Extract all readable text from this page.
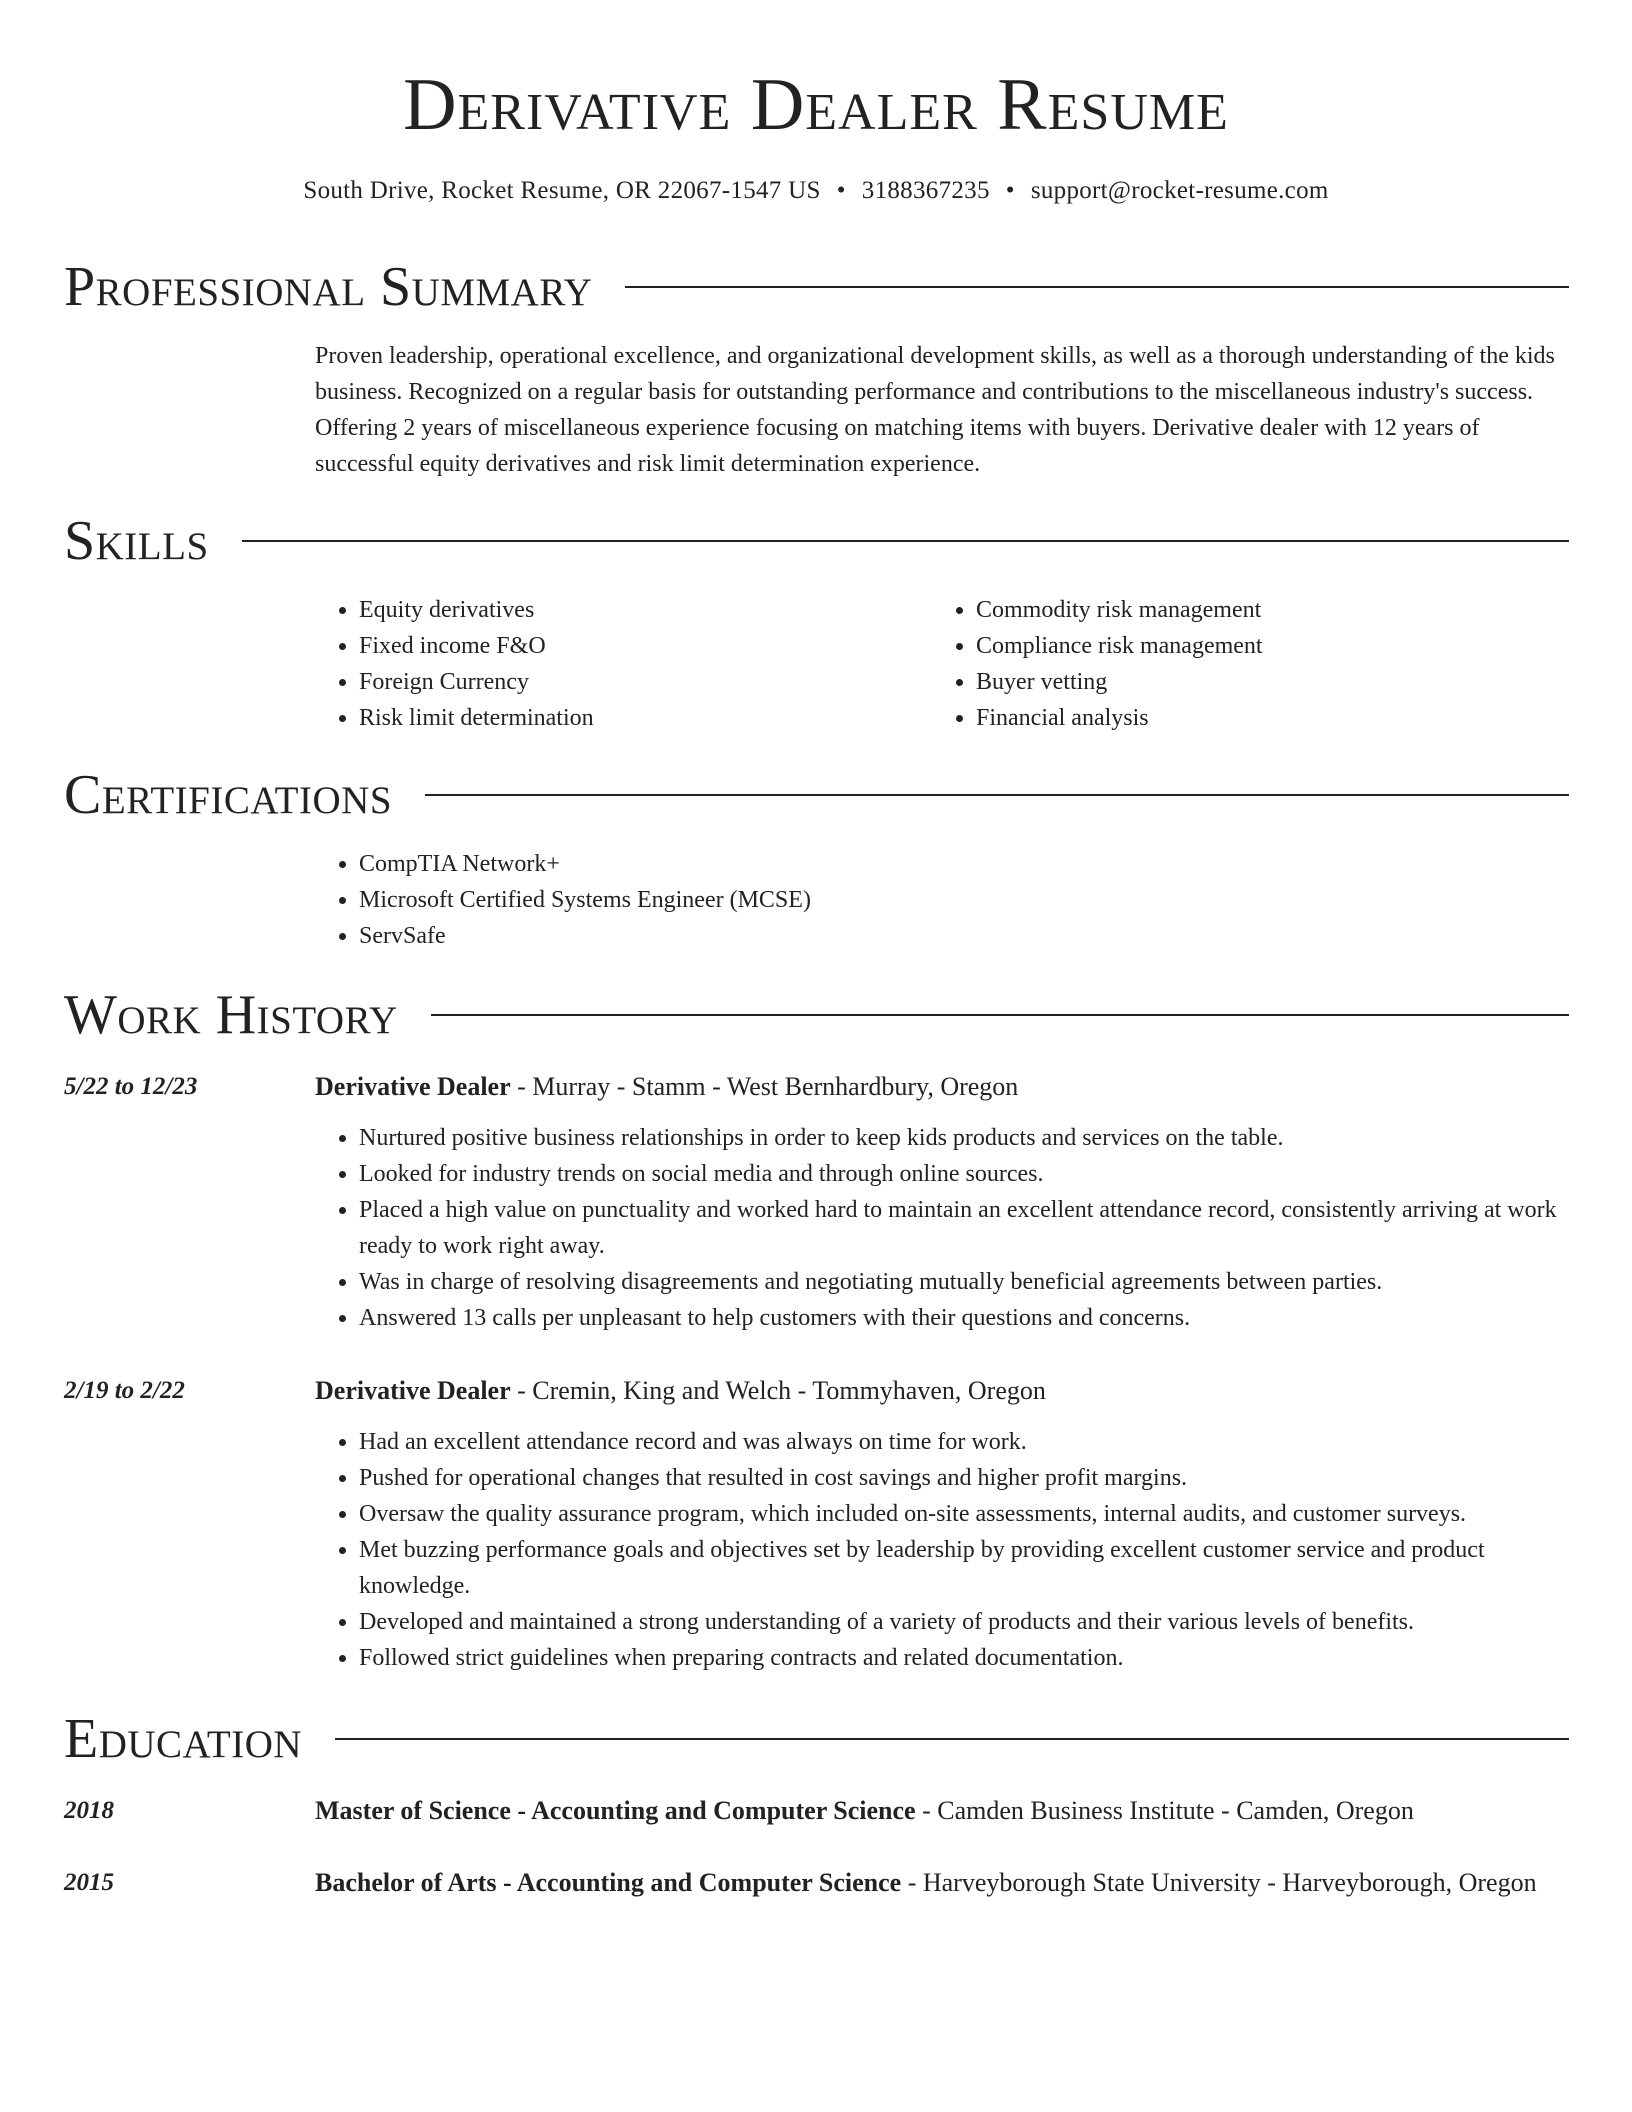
Derivative Dealer Resume
South Drive, Rocket Resume, OR 22067-1547 US • 3188367235 • support@rocket-resume.com
Professional Summary

Proven leadership, operational excellence, and organizational development skills, as well as a thorough understanding of the kids business. Recognized on a regular basis for outstanding performance and contributions to the miscellaneous industry's success. Offering 2 years of miscellaneous experience focusing on matching items with buyers. Derivative dealer with 12 years of successful equity derivatives and risk limit determination experience.

Skills
• Equity derivatives
• Fixed income F&O
• Foreign Currency
• Risk limit determination
• Commodity risk management
• Compliance risk management
• Buyer vetting
• Financial analysis
Certifications
• CompTIA Network+
• Microsoft Certified Systems Engineer (MCSE)
• ServSafe
Work History
5/22 to 12/23	Derivative Dealer - Murray - Stamm - West Bernhardbury, Oregon
• Nurtured positive business relationships in order to keep kids products and services on the table.
• Looked for industry trends on social media and through online sources.
• Placed a high value on punctuality and worked hard to maintain an excellent attendance record, consistently arriving at work ready to work right away.
• Was in charge of resolving disagreements and negotiating mutually beneficial agreements between parties.
• Answered 13 calls per unpleasant to help customers with their questions and concerns.
2/19 to 2/22	Derivative Dealer - Cremin, King and Welch - Tommyhaven, Oregon
• Had an excellent attendance record and was always on time for work.
• Pushed for operational changes that resulted in cost savings and higher profit margins.
• Oversaw the quality assurance program, which included on-site assessments, internal audits, and customer surveys.
• Met buzzing performance goals and objectives set by leadership by providing excellent customer service and product knowledge.
• Developed and maintained a strong understanding of a variety of products and their various levels of benefits.
• Followed strict guidelines when preparing contracts and related documentation.
Education
2018	Master of Science - Accounting and Computer Science - Camden Business Institute - Camden, Oregon
2015	Bachelor of Arts - Accounting and Computer Science - Harveyborough State University - Harveyborough, Oregon
